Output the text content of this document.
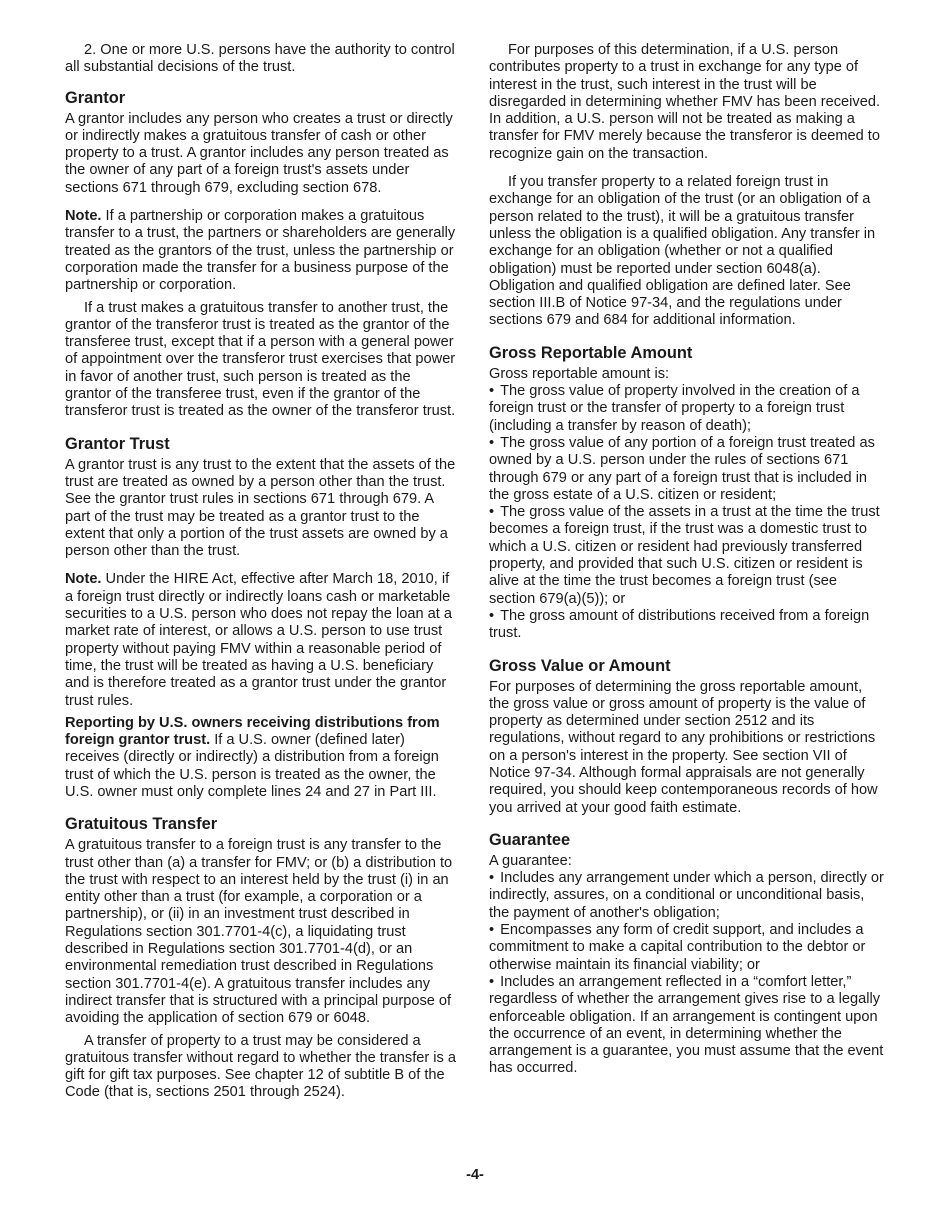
2. One or more U.S. persons have the authority to control all substantial decisions of the trust.

Grantor

A grantor includes any person who creates a trust or directly or indirectly makes a gratuitous transfer of cash or other property to a trust. A grantor includes any person treated as the owner of any part of a foreign trust's assets under sections 671 through 679, excluding section 678.

Note. If a partnership or corporation makes a gratuitous transfer to a trust, the partners or shareholders are generally treated as the grantors of the trust, unless the partnership or corporation made the transfer for a business purpose of the partnership or corporation.

If a trust makes a gratuitous transfer to another trust, the grantor of the transferor trust is treated as the grantor of the transferee trust, except that if a person with a general power of appointment over the transferor trust exercises that power in favor of another trust, such person is treated as the grantor of the transferee trust, even if the grantor of the transferor trust is treated as the owner of the transferor trust.

Grantor Trust

A grantor trust is any trust to the extent that the assets of the trust are treated as owned by a person other than the trust. See the grantor trust rules in sections 671 through 679. A part of the trust may be treated as a grantor trust to the extent that only a portion of the trust assets are owned by a person other than the trust.

Note. Under the HIRE Act, effective after March 18, 2010, if a foreign trust directly or indirectly loans cash or marketable securities to a U.S. person who does not repay the loan at a market rate of interest, or allows a U.S. person to use trust property without paying FMV within a reasonable period of time, the trust will be treated as having a U.S. beneficiary and is therefore treated as a grantor trust under the grantor trust rules.

Reporting by U.S. owners receiving distributions from foreign grantor trust. If a U.S. owner (defined later) receives (directly or indirectly) a distribution from a foreign trust of which the U.S. person is treated as the owner, the U.S. owner must only complete lines 24 and 27 in Part III.

Gratuitous Transfer

A gratuitous transfer to a foreign trust is any transfer to the trust other than (a) a transfer for FMV; or (b) a distribution to the trust with respect to an interest held by the trust (i) in an entity other than a trust (for example, a corporation or a partnership), or (ii) in an investment trust described in Regulations section 301.7701-4(c), a liquidating trust described in Regulations section 301.7701-4(d), or an environmental remediation trust described in Regulations section 301.7701-4(e). A gratuitous transfer includes any indirect transfer that is structured with a principal purpose of avoiding the application of section 679 or 6048.

A transfer of property to a trust may be considered a gratuitous transfer without regard to whether the transfer is a gift for gift tax purposes. See chapter 12 of subtitle B of the Code (that is, sections 2501 through 2524).

For purposes of this determination, if a U.S. person contributes property to a trust in exchange for any type of interest in the trust, such interest in the trust will be disregarded in determining whether FMV has been received. In addition, a U.S. person will not be treated as making a transfer for FMV merely because the transferor is deemed to recognize gain on the transaction.

If you transfer property to a related foreign trust in exchange for an obligation of the trust (or an obligation of a person related to the trust), it will be a gratuitous transfer unless the obligation is a qualified obligation. Any transfer in exchange for an obligation (whether or not a qualified obligation) must be reported under section 6048(a). Obligation and qualified obligation are defined later. See section III.B of Notice 97-34, and the regulations under sections 679 and 684 for additional information.

Gross Reportable Amount

Gross reportable amount is:

• The gross value of property involved in the creation of a foreign trust or the transfer of property to a foreign trust (including a transfer by reason of death);
• The gross value of any portion of a foreign trust treated as owned by a U.S. person under the rules of sections 671 through 679 or any part of a foreign trust that is included in the gross estate of a U.S. citizen or resident;
• The gross value of the assets in a trust at the time the trust becomes a foreign trust, if the trust was a domestic trust to which a U.S. citizen or resident had previously transferred property, and provided that such U.S. citizen or resident is alive at the time the trust becomes a foreign trust (see section 679(a)(5)); or
• The gross amount of distributions received from a foreign trust.
Gross Value or Amount

For purposes of determining the gross reportable amount, the gross value or gross amount of property is the value of property as determined under section 2512 and its regulations, without regard to any prohibitions or restrictions on a person's interest in the property. See section VII of Notice 97-34. Although formal appraisals are not generally required, you should keep contemporaneous records of how you arrived at your good faith estimate.

Guarantee

A guarantee:

• Includes any arrangement under which a person, directly or indirectly, assures, on a conditional or unconditional basis, the payment of another's obligation;
• Encompasses any form of credit support, and includes a commitment to make a capital contribution to the debtor or otherwise maintain its financial viability; or
• Includes an arrangement reflected in a “comfort letter,” regardless of whether the arrangement gives rise to a legally enforceable obligation. If an arrangement is contingent upon the occurrence of an event, in determining whether the arrangement is a guarantee, you must assume that the event has occurred.
-4-
